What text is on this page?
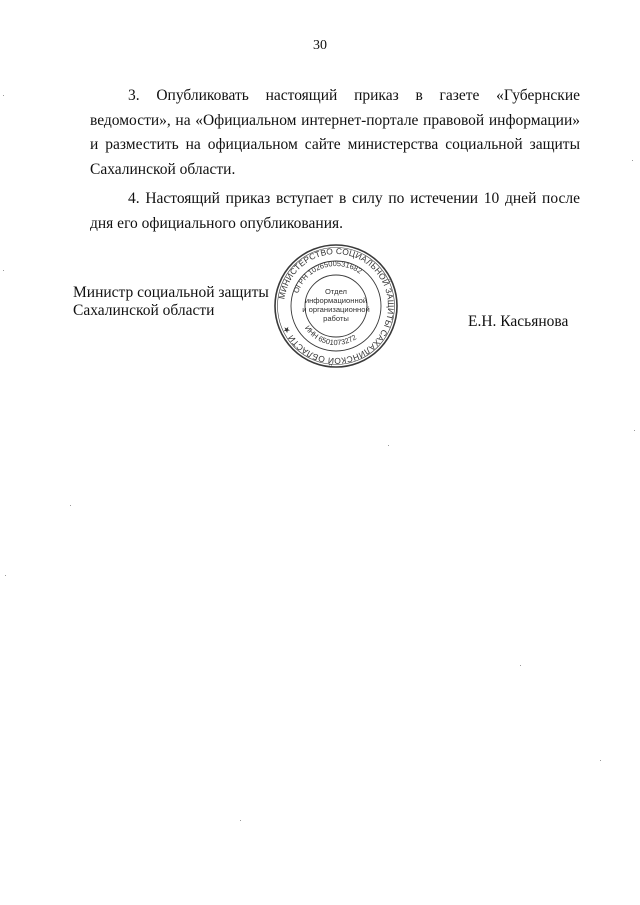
30

3. Опубликовать настоящий приказ в газете «Губернские ведомости», на «Официальном интернет-портале правовой информации» и разместить на официальном сайте министерства социальной защиты Сахалинской области.

4. Настоящий приказ вступает в силу по истечении 10 дней после дня его официального опубликования.

Министр социальной защиты
Сахалинской области
МИНИСТЕРСТВО СОЦИАЛЬНОЙ ЗАЩИТЫ САХАЛИНСКОЙ ОБЛАСТИ ★
ОГРН 1026500531682
ИНН 6501073272
Отдел
информационной
и организационной
работы	Е.Н. Касьянова
